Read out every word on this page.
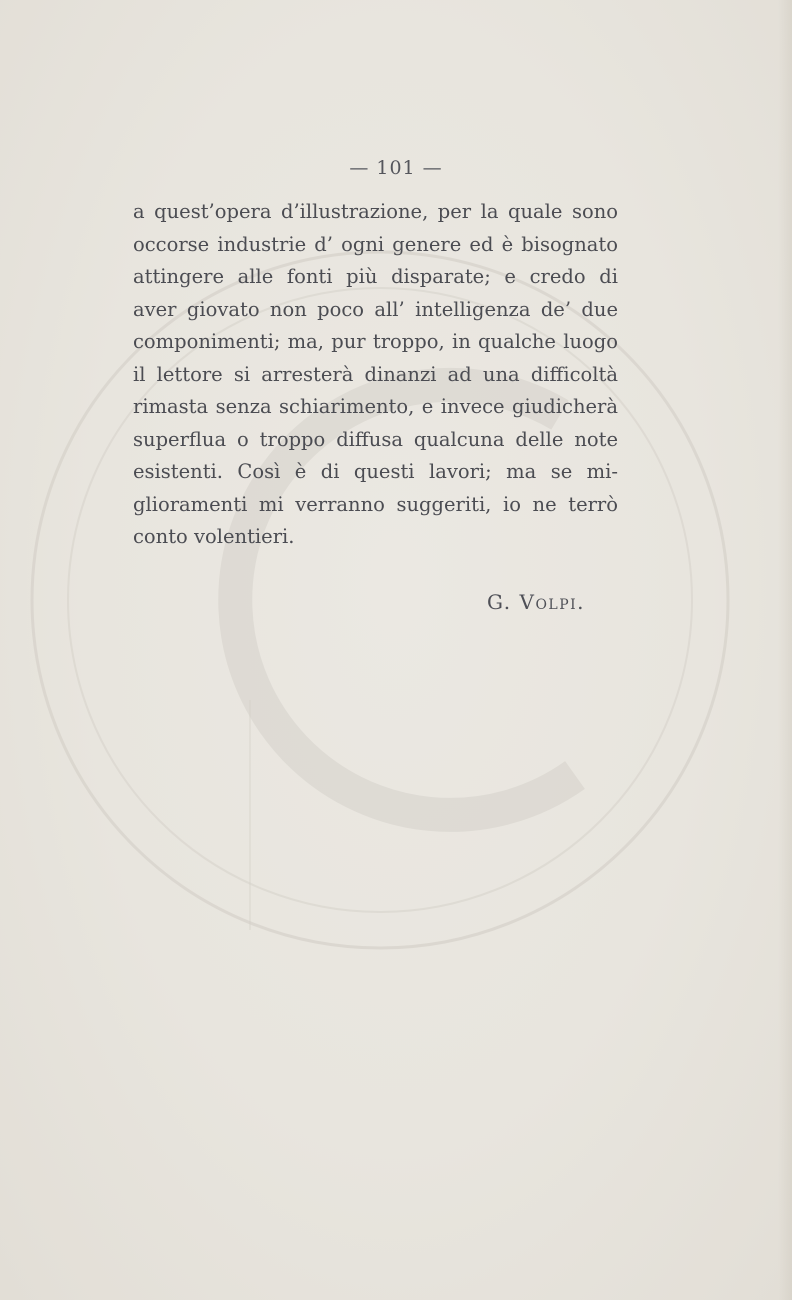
— 101 —
a quest’opera d’illustrazione, per la quale sono
occorse industrie d’ ogni genere ed è bisognato
attingere alle fonti più disparate; e credo di
aver giovato non poco all’ intelligenza de’ due
componimenti; ma, pur troppo, in qualche luogo
il lettore si arresterà dinanzi ad una difficoltà
rimasta senza schiarimento, e invece giudicherà
superflua o troppo diffusa qualcuna delle note
esistenti. Così è di questi lavori; ma se mi-
glioramenti mi verranno suggeriti, io ne terrò
conto volentieri.
G. Volpi.
